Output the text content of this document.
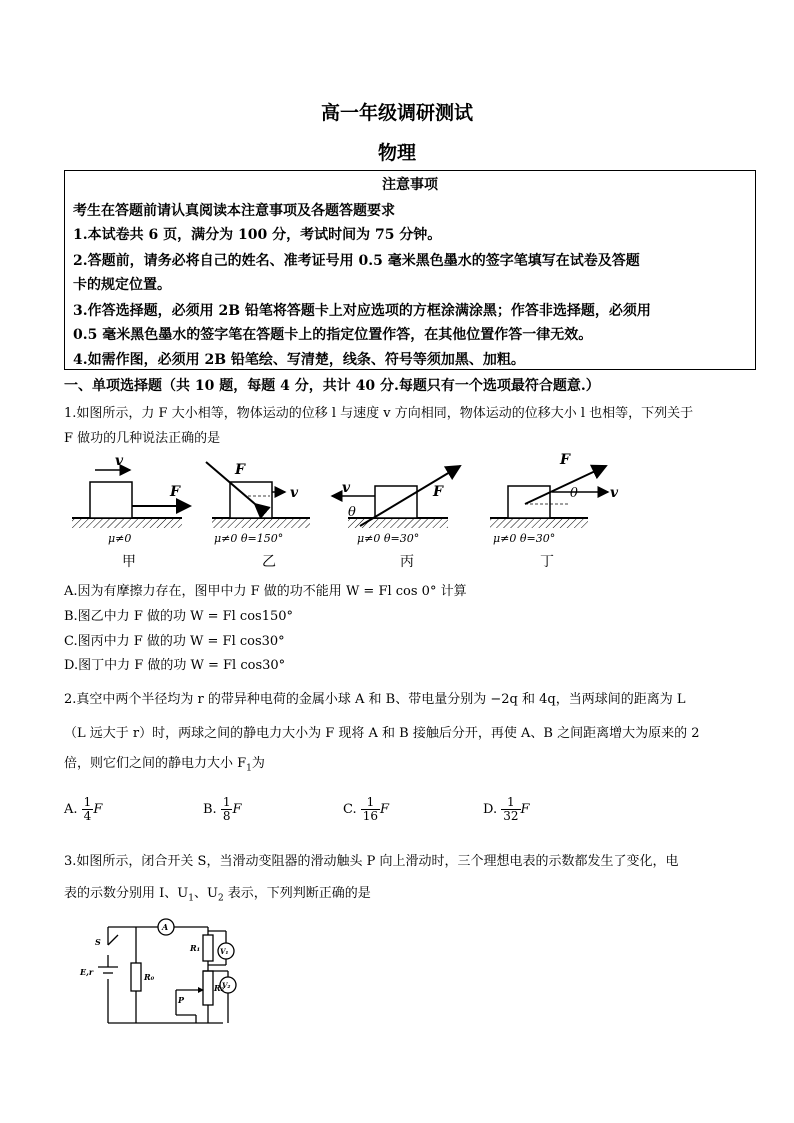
高一年级调研测试
物理
注意事项
考生在答题前请认真阅读本注意事项及各题答题要求
1.本试卷共 6 页，满分为 100 分，考试时间为 75 分钟。
2.答题前，请务必将自己的姓名、准考证号用 0.5 毫米黑色墨水的签字笔填写在试卷及答题
卡的规定位置。
3.作答选择题，必须用 2B 铅笔将答题卡上对应选项的方框涂满涂黑；作答非选择题，必须用
0.5 毫米黑色墨水的签字笔在答题卡上的指定位置作答，在其他位置作答一律无效。
4.如需作图，必须用 2B 铅笔绘、写清楚，线条、符号等须加黑、加粗。
一、单项选择题（共 10 题，每题 4 分，共计 40 分.每题只有一个选项最符合题意.）
1.如图所示，力 F 大小相等，物体运动的位移 l 与速度 v 方向相同，物体运动的位移大小 l 也相等，下列关于
F 做功的几种说法正确的是
v
F
μ≠0
F
v
μ≠0 θ=150°
v
θ
F
μ≠0 θ=30°
F
θ v
μ≠0 θ=30°
甲	乙	丙	丁
A.因为有摩擦力存在，图甲中力 F 做的功不能用 W = Fl cos 0° 计算
B.图乙中力 F 做的功 W = Fl cos150°
C.图丙中力 F 做的功 W = Fl cos30°
D.图丁中力 F 做的功 W = Fl cos30°
2.真空中两个半径均为 r 的带异种电荷的金属小球 A 和 B、带电量分别为 −2q 和 4q，当两球间的距离为 L
（L 远大于 r）时，两球之间的静电力大小为 F 现将 A 和 B 接触后分开，再使 A、B 之间距离增大为原来的 2
倍，则它们之间的静电力大小 $F_1$为
A. $\frac{1}{4}$ F	B. $\frac{1}{8}$ F	C. $\frac{1}{16}$ F	D. $\frac{1}{32}$ F
3.如图所示，闭合开关 S，当滑动变阻器的滑动触头 P 向上滑动时，三个理想电表的示数都发生了变化，电
表的示数分别用 I、$U_1$、$U_2$ 表示，下列判断正确的是
A
V₁
V₂
S
E,r	R₀
R₁
R₂
P
